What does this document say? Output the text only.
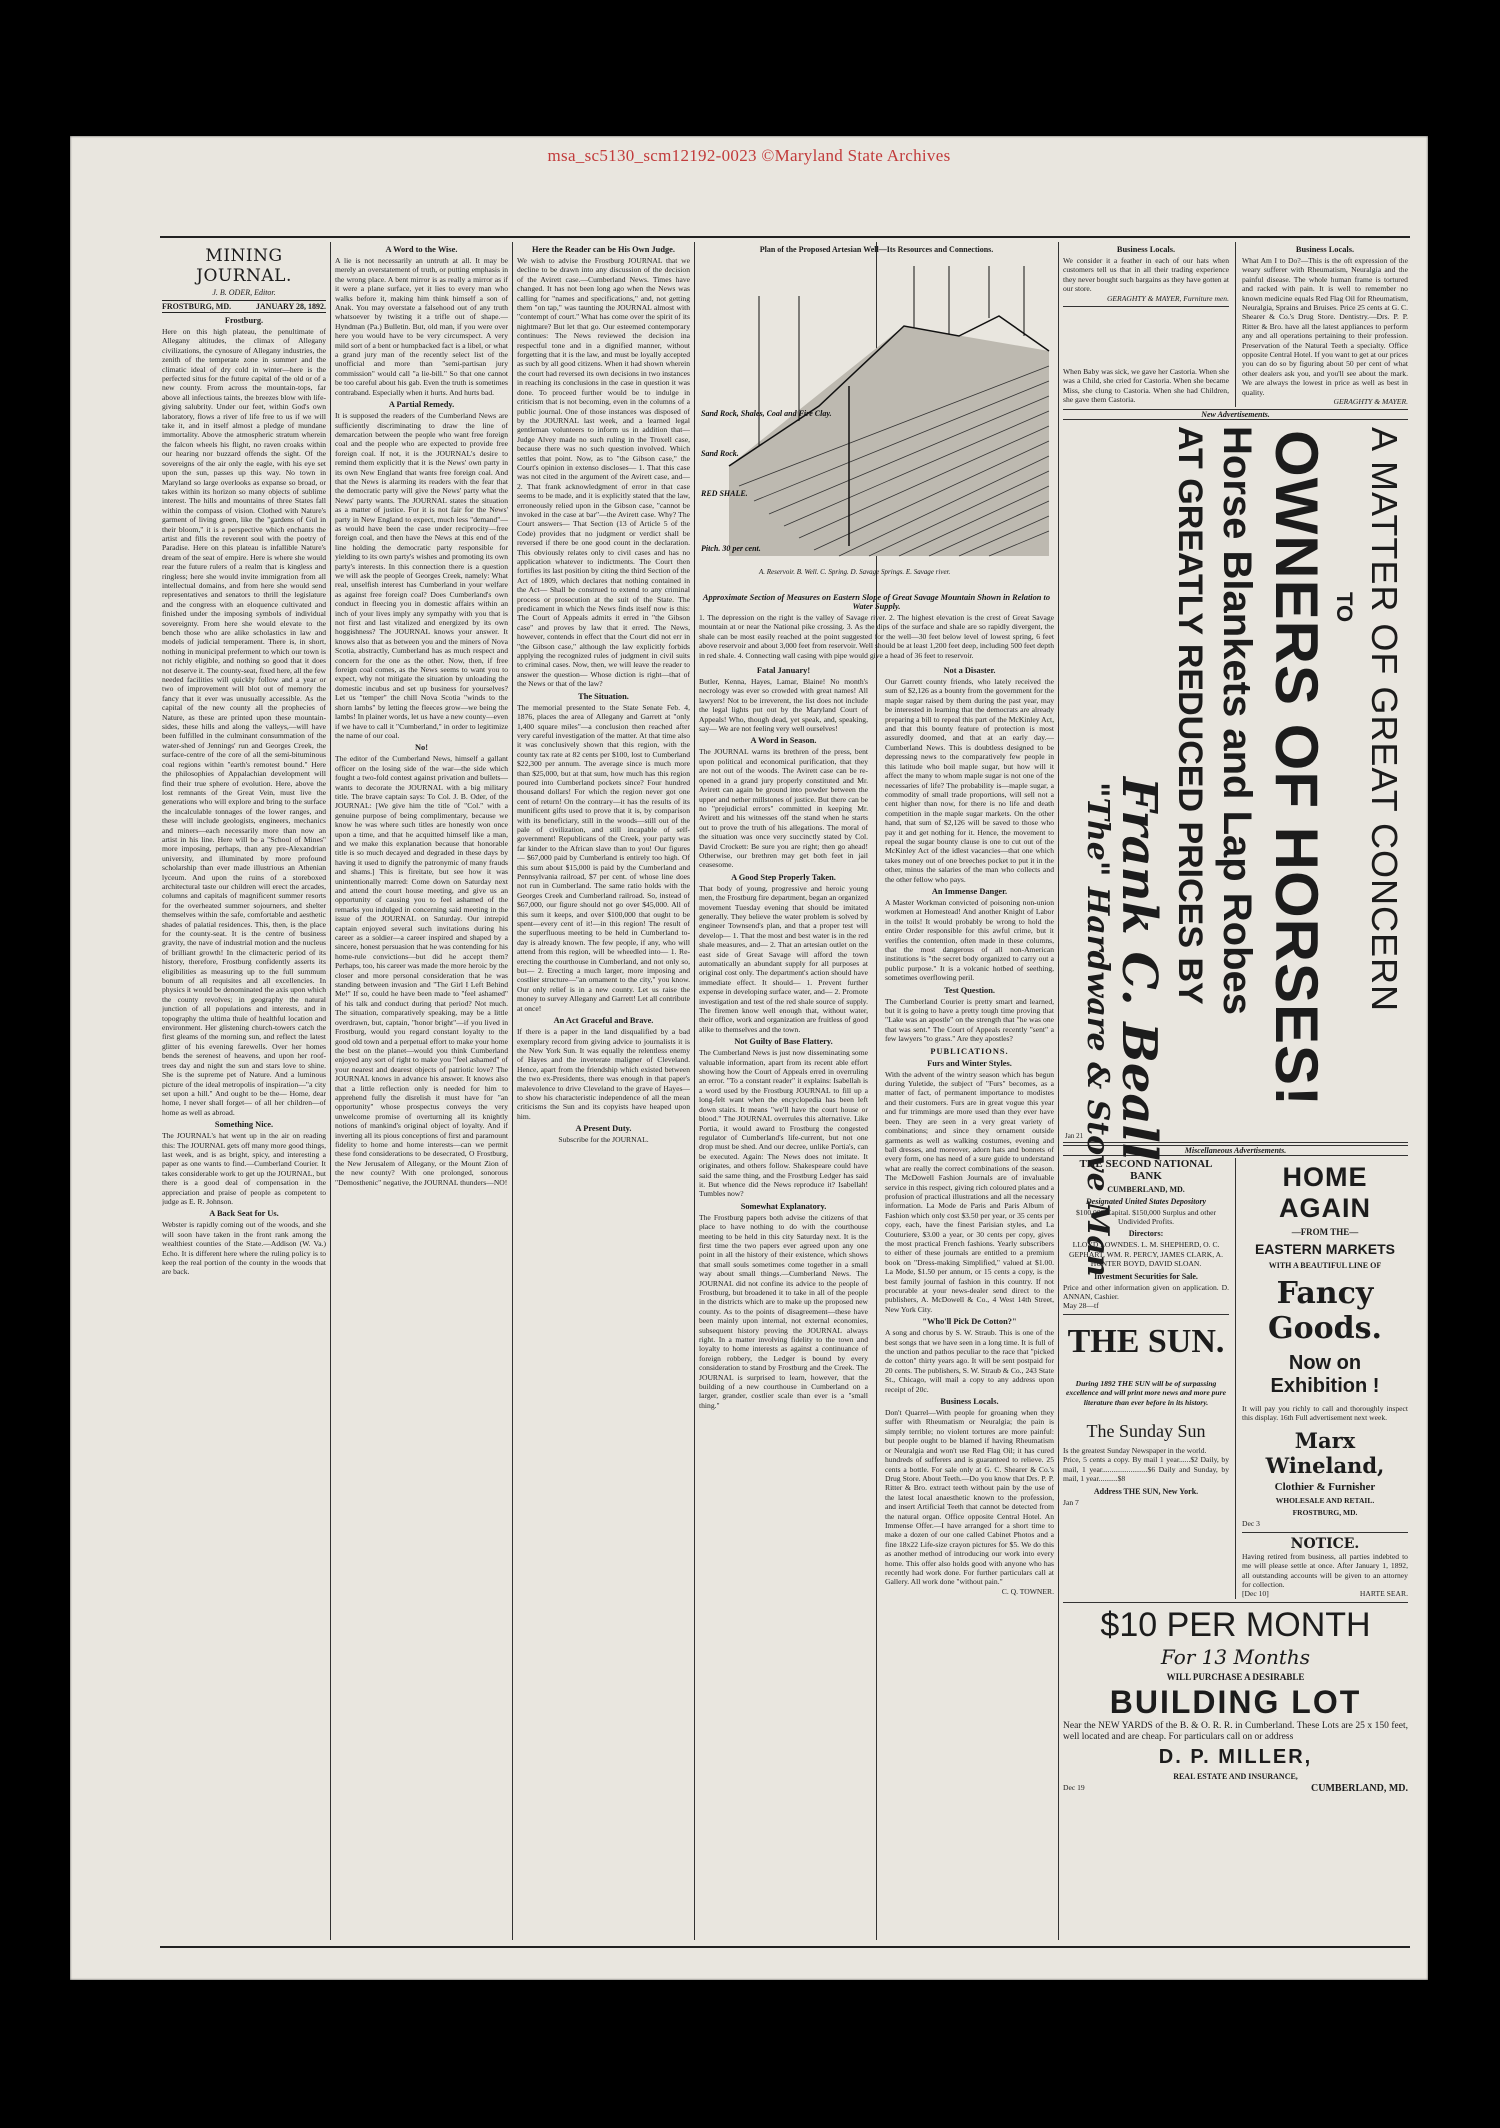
msa_sc5130_scm12192-0023 ©Maryland State Archives
MINING JOURNAL.

J. B. ODER, Editor.

FROSTBURG, MD.	JANUARY 28, 1892.
Frostburg.

Here on this high plateau, the penultimate of Allegany altitudes, the climax of Allegany civilizations, the cynosure of Allegany industries, the zenith of the temperate zone in summer and the climatic ideal of dry cold in winter—here is the perfected situs for the future capital of the old or of a new county. From across the mountain-tops, far above all infectious taints, the breezes blow with life-giving salubrity. Under our feet, within God's own laboratory, flows a river of life free to us if we will take it, and in itself almost a pledge of mundane immortality. Above the atmospheric stratum wherein the falcon wheels his flight, no raven croaks within our hearing nor buzzard offends the sight. Of the sovereigns of the air only the eagle, with his eye set upon the sun, passes up this way. No town in Maryland so large overlooks as expanse so broad, or takes within its horizon so many objects of sublime interest. The hills and mountains of three States fall within the compass of vision. Clothed with Nature's garment of living green, like the "gardens of Gul in their bloom," it is a perspective which enchants the artist and fills the reverent soul with the poetry of Paradise. Here on this plateau is infallible Nature's dream of the seat of empire. Here is where she would rear the future rulers of a realm that is kingless and ringless; here she would invite immigration from all intellectual domains, and from here she would send representatives and senators to thrill the legislature and the congress with an eloquence cultivated and finished under the imposing symbols of individual sovereignty. From here she would elevate to the bench those who are alike scholastics in law and models of judicial temperament. There is, in short, nothing in municipal preferment to which our town is not richly eligible, and nothing so good that it does not deserve it. The county-seat, fixed here, all the few needed facilities will quickly follow and a year or two of improvement will blot out of memory the fancy that it ever was unusually accessible. As the capital of the new county all the prophecies of Nature, as these are printed upon these mountain-sides, these hills and along the valleys,—will have been fulfilled in the culminant consummation of the water-shed of Jennings' run and Georges Creek, the surface-centre of the core of all the semi-bituminous coal regions within "earth's remotest bound." Here the philosophies of Appalachian development will find their true sphere of evolution. Here, above the lost remnants of the Great Vein, must live the generations who will explore and bring to the surface the incalculable tonnages of the lower ranges, and these will include geologists, engineers, mechanics and miners—each necessarily more than now an artist in his line. Here will be a "School of Mines" more imposing, perhaps, than any pre-Alexandrian university, and illuminated by more profound scholarship than ever made illustrious an Athenian lyceum. And upon the ruins of a storeboxed architectural taste our children will erect the arcades, columns and capitals of magnificent summer resorts for the overheated summer sojourners, and shelter themselves within the safe, comfortable and aesthetic shades of palatial residences. This, then, is the place for the county-seat. It is the centre of business gravity, the nave of industrial motion and the nucleus of brilliant growth! In the climacteric period of its history, therefore, Frostburg confidently asserts its eligibilities as measuring up to the full summum bonum of all requisites and all excellencies. In physics it would be denominated the axis upon which the county revolves; in geography the natural junction of all populations and interests, and in topography the ultima thule of healthful location and environment. Her glistening church-towers catch the first gleams of the morning sun, and reflect the latest glitter of his evening farewells. Over her homes bends the serenest of heavens, and upon her roof-trees day and night the sun and stars love to shine. She is the supreme pet of Nature. And a luminous picture of the ideal metropolis of inspiration—"a city set upon a hill." And ought to be the— Home, dear home, I never shall forget— of all her children—of home as well as abroad.

Something Nice.

The JOURNAL's hat went up in the air on reading this: The JOURNAL gets off many more good things, last week, and is as bright, spicy, and interesting a paper as one wants to find.—Cumberland Courier. It takes considerable work to get up the JOURNAL, but there is a good deal of compensation in the appreciation and praise of people as competent to judge as E. R. Johnson.

A Back Seat for Us.

Webster is rapidly coming out of the woods, and she will soon have taken in the front rank among the wealthiest counties of the State.—Addison (W. Va.) Echo. It is different here where the ruling policy is to keep the real portion of the county in the woods that are back.

A Word to the Wise.

A lie is not necessarily an untruth at all. It may be merely an overstatement of truth, or putting emphasis in the wrong place. A bent mirror is as really a mirror as if it were a plane surface, yet it lies to every man who walks before it, making him think himself a son of Anak. You may overstate a falsehood out of any truth whatsoever by twisting it a trifle out of shape.—Hyndman (Pa.) Bulletin. But, old man, if you were over here you would have to be very circumspect. A very mild sort of a bent or humpbacked fact is a libel, or what a grand jury man of the recently select list of the unofficial and more than "semi-partisan jury commission" would call "a lie-bill." So that one cannot be too careful about his gab. Even the truth is sometimes contraband. Especially when it hurts. And hurts bad.

A Partial Remedy.

It is supposed the readers of the Cumberland News are sufficiently discriminating to draw the line of demarcation between the people who want free foreign coal and the people who are expected to provide free foreign coal. If not, it is the JOURNAL's desire to remind them explicitly that it is the News' own party in its own New England that wants free foreign coal. And that the News is alarming its readers with the fear that the democratic party will give the News' party what the News' party wants. The JOURNAL states the situation as a matter of justice. For it is not fair for the News' party in New England to expect, much less "demand"—as would have been the case under reciprocity—free foreign coal, and then have the News at this end of the line holding the democratic party responsible for yielding to its own party's wishes and promoting its own party's interests. In this connection there is a question we will ask the people of Georges Creek, namely: What real, unselfish interest has Cumberland in your welfare as against free foreign coal? Does Cumberland's own conduct in fleecing you in domestic affairs within an inch of your lives imply any sympathy with you that is not first and last vitalized and energized by its own hoggishness? The JOURNAL knows your answer. It knows also that as between you and the miners of Nova Scotia, abstractly, Cumberland has as much respect and concern for the one as the other. Now, then, if free foreign coal comes, as the News seems to want you to expect, why not mitigate the situation by unloading the domestic incubus and set up business for yourselves? Let us "temper" the chill Nova Scotia "winds to the shorn lambs" by letting the fleeces grow—we being the lambs! In plainer words, let us have a new county—even if we have to call it "Cumberland," in order to legitimize the name of our coal.

No!

The editor of the Cumberland News, himself a gallant officer on the losing side of the war—the side which fought a two-fold contest against privation and bullets—wants to decorate the JOURNAL with a big military title. The brave captain says: To Col. J. B. Oder, of the JOURNAL: [We give him the title of "Col." with a genuine purpose of being complimentary, because we know he was where such titles are honestly won once upon a time, and that he acquitted himself like a man, and we make this explanation because that honorable title is so much decayed and degraded in these days by having it used to dignify the patronymic of many frauds and shams.] This is fireitate, but see how it was unintentionally marred: Come down on Saturday next and attend the court house meeting, and give us an opportunity of causing you to feel ashamed of the remarks you indulged in concerning said meeting in the issue of the JOURNAL on Saturday. Our intrepid captain enjoyed several such invitations during his career as a soldier—a career inspired and shaped by a sincere, honest persuasion that he was contending for his home-rule convictions—but did he accept them? Perhaps, too, his career was made the more heroic by the closer and more personal consideration that he was standing between invasion and "The Girl I Left Behind Me!" If so, could he have been made to "feel ashamed" of his talk and conduct during that period? Not much. The situation, comparatively speaking, may be a little overdrawn, but, captain, "honor bright"—if you lived in Frostburg, would you regard constant loyalty to the good old town and a perpetual effort to make your home the best on the planet—would you think Cumberland enjoyed any sort of right to make you "feel ashamed" of your nearest and dearest objects of patriotic love? The JOURNAL knows in advance his answer. It knows also that a little reflection only is needed for him to apprehend fully the disrelish it must have for "an opportunity" whose prospectus conveys the very unwelcome promise of overturning all its knightly notions of mankind's original object of loyalty. And if inverting all its pious conceptions of first and paramount fidelity to home and home interests—can we permit these fond considerations to be desecrated, O Frostburg, the New Jerusalem of Allegany, or the Mount Zion of the new county? With one prolonged, sonorous "Demosthenic" negative, the JOURNAL thunders—NO!

Here the Reader can be His Own Judge.

We wish to advise the Frostburg JOURNAL that we decline to be drawn into any discussion of the decision of the Avirett case.—Cumberland News. Times have changed. It has not been long ago when the News was calling for "names and specifications," and, not getting them "on tap," was taunting the JOURNAL almost with "contempt of court." What has come over the spirit of its nightmare? But let that go. Our esteemed contemporary continues: The News reviewed the decision ina respectful tone and in a dignified manner, without forgetting that it is the law, and must be loyally accepted as such by all good citizens. When it had shown wherein the court had reversed its own decisions in two instances in reaching its conclusions in the case in question it was done. To proceed further would be to indulge in criticism that is not becoming, even in the columns of a public journal. One of those instances was disposed of by the JOURNAL last week, and a learned legal gentleman volunteers to inform us in addition that— Judge Alvey made no such ruling in the Troxell case, because there was no such question involved. Which settles that point. Now, as to "the Gibson case," the Court's opinion in extenso discloses— 1. That this case was not cited in the argument of the Avirett case, and— 2. That frank acknowledgment of error in that case seems to be made, and it is explicitly stated that the law, erroneously relied upon in the Gibson case, "cannot be invoked in the case at bar"—the Avirett case. Why? The Court answers— That Section (13 of Article 5 of the Code) provides that no judgment or verdict shall be reversed if there be one good count in the declaration. This obviously relates only to civil cases and has no application whatever to indictments. The Court then fortifies its last position by citing the third Section of the Act of 1809, which declares that nothing contained in the Act— Shall be construed to extend to any criminal process or prosecution at the suit of the State. The predicament in which the News finds itself now is this: The Court of Appeals admits it erred in "the Gibson case" and proves by law that it erred. The News, however, contends in effect that the Court did not err in "the Gibson case," although the law explicitly forbids applying the recognized rules of judgment in civil suits to criminal cases. Now, then, we will leave the reader to answer the question— Whose diction is right—that of the News or that of the law?

The Situation.

The memorial presented to the State Senate Feb. 4, 1876, places the area of Allegany and Garrett at "only 1,400 square miles"—a conclusion then reached after very careful investigation of the matter. At that time also it was conclusively shown that this region, with the county tax rate at 82 cents per $100, lost to Cumberland $22,300 per annum. The average since is much more than $25,000, but at that sum, how much has this region poured into Cumberland pockets since? Four hundred thousand dollars! For which the region never got one cent of return! On the contrary—it has the results of its munificent gifts used to prove that it is, by comparison with its beneficiary, still in the woods—still out of the pale of civilization, and still incapable of self-government! Republicans of the Creek, your party was far kinder to the African slave than to you! Our figures — $67,000 paid by Cumberland is entirely too high. Of this sum about $15,000 is paid by the Cumberland and Pennsylvania railroad, $7 per cent. of whose line does not run in Cumberland. The same ratio holds with the Georges Creek and Cumberland railroad. So, instead of $67,000, our figure should not go over $45,000. All of this sum it keeps, and over $100,000 that ought to be spent—every cent of it!—in this region! The result of the superfluous meeting to be held in Cumberland to-day is already known. The few people, if any, who will attend from this region, will be wheedled into— 1. Re-erecting the courthouse in Cumberland, and not only so, but— 2. Erecting a much larger, more imposing and costlier structure—"an ornament to the city," you know. Our only relief is in a new county. Let us raise the money to survey Allegany and Garrett! Let all contribute at once!

An Act Graceful and Brave.

If there is a paper in the land disqualified by a bad exemplary record from giving advice to journalists it is the New York Sun. It was equally the relentless enemy of Hayes and the inveterate maligner of Cleveland. Hence, apart from the friendship which existed between the two ex-Presidents, there was enough in that paper's malevolence to drive Cleveland to the grave of Hayes—to show his characteristic independence of all the mean criticisms the Sun and its copyists have heaped upon him.

A Present Duty.

Subscribe for the JOURNAL.

Plan of the Proposed Artesian Well—Its Resources and Connections.
Sand Rock, Shales, Coal and Fire Clay.
Sand Rock.
RED SHALE.
Pitch. 30 per cent.
A. Reservoir. B. Well. C. Spring. D. Savage Springs. E. Savage river.
Approximate Section of Measures on Eastern Slope of Great Savage Mountain Shown in Relation to Water Supply.

1. The depression on the right is the valley of Savage river. 2. The highest elevation is the crest of Great Savage mountain at or near the National pike crossing. 3. As the dips of the surface and shale are so rapidly divergent, the shale can be most easily reached at the point suggested for the well—30 feet below level of lowest spring, 6 feet above reservoir and about 3,000 feet from reservoir. Well should be at least 1,200 feet deep, including 500 feet depth in red shale. 4. Connecting wall casing with pipe would give a head of 36 feet to reservoir.

Fatal January!

Butler, Kenna, Hayes, Lamar, Blaine! No month's necrology was ever so crowded with great names! All lawyers! Not to be irreverent, the list does not include the legal lights put out by the Maryland Court of Appeals! Who, though dead, yet speak, and, speaking, say— We are not feeling very well ourselves!

A Word in Season.

The JOURNAL warns its brethren of the press, bent upon political and economical purification, that they are not out of the woods. The Avirett case can be re-opened in a grand jury properly constituted and Mr. Avirett can again be ground into powder between the upper and nether millstones of justice. But there can be no "prejudicial errors" committed in keeping Mr. Avirett and his witnesses off the stand when he starts out to prove the truth of his allegations. The moral of the situation was once very succinctly stated by Col. David Crockett: Be sure you are right; then go ahead! Otherwise, our brethren may get both feet in jail ceasesome.

A Good Step Properly Taken.

That body of young, progressive and heroic young men, the Frostburg fire department, began an organized movement Tuesday evening that should be imitated generally. They believe the water problem is solved by engineer Townsend's plan, and that a proper test will develop— 1. That the most and best water is in the red shale measures, and— 2. That an artesian outlet on the east side of Great Savage will afford the town automatically an abundant supply for all purposes at original cost only. The department's action should have immediate effect. It should— 1. Prevent further expense in developing surface water, and— 2. Promote investigation and test of the red shale source of supply. The firemen know well enough that, without water, their office, work and organization are fruitless of good alike to themselves and the town.

Not Guilty of Base Flattery.

The Cumberland News is just now disseminating some valuable information, apart from its recent able effort showing how the Court of Appeals erred in overruling an error. "To a constant reader" it explains: Isabellah is a word used by the Frostburg JOURNAL to fill up a long-felt want when the encyclopedia has been left down stairs. It means "we'll have the court house or blood." The JOURNAL overrules this alternative. Like Portia, it would award to Frostburg the congested regulator of Cumberland's life-current, but not one drop must be shed. And our decree, unlike Portia's, can be executed. Again: The News does not imitate. It originates, and others follow. Shakespeare could have said the same thing, and the Frostburg Ledger has said it. But whence did the News reproduce it? Isabellah! Tumbles now?

Somewhat Explanatory.

The Frostburg papers both advise the citizens of that place to have nothing to do with the courthouse meeting to be held in this city Saturday next. It is the first time the two papers ever agreed upon any one point in all the history of their existence, which shows that small souls sometimes come together in a small way about small things.—Cumberland News. The JOURNAL did not confine its advice to the people of Frostburg, but broadened it to take in all of the people in the districts which are to make up the proposed new county. As to the points of disagreement—these have been mainly upon internal, not external economies, subsequent history proving the JOURNAL always right. In a matter involving fidelity to the town and loyalty to home interests as against a continuance of foreign robbery, the Ledger is bound by every consideration to stand by Frostburg and the Creek. The JOURNAL is surprised to learn, however, that the building of a new courthouse in Cumberland on a larger, grander, costlier scale than ever is a "small thing."

Not a Disaster.

Our Garrett county friends, who lately received the sum of $2,126 as a bounty from the government for the maple sugar raised by them during the past year, may be interested in learning that the democrats are already preparing a bill to repeal this part of the McKinley Act, and that this bounty feature of protection is most assuredly doomed, and that at an early day.—Cumberland News. This is doubtless designed to be depressing news to the comparatively few people in this latitude who boil maple sugar, but how will it affect the many to whom maple sugar is not one of the necessaries of life? The probability is—maple sugar, a commodity of small trade proportions, will sell not a cent higher than now, for there is no life and death competition in the maple sugar markets. On the other hand, that sum of $2,126 will be saved to those who pay it and get nothing for it. Hence, the movement to repeal the sugar bounty clause is one to cut out of the McKinley Act of the idlest vacancies—that one which takes money out of one breeches pocket to put it in the other, minus the salaries of the man who collects and the other fellow who pays.

An Immense Danger.

A Master Workman convicted of poisoning non-union workmen at Homestead! And another Knight of Labor in the toils! It would probably be wrong to hold the entire Order responsible for this awful crime, but it verifies the contention, often made in these columns, that the most dangerous of all non-American institutions is "the secret body organized to carry out a public purpose." It is a volcanic hotbed of seething, sometimes overflowing peril.

Test Question.

The Cumberland Courier is pretty smart and learned, but it is going to have a pretty tough time proving that "Lake was an apostle" on the strength that "he was one that was sent." The Court of Appeals recently "sent" a few lawyers "to grass." Are they apostles?

PUBLICATIONS.
Furs and Winter Styles.

With the advent of the wintry season which has begun during Yuletide, the subject of "Furs" becomes, as a matter of fact, of permanent importance to modistes and their customers. Furs are in great vogue this year and fur trimmings are more used than they ever have been. They are seen in a very great variety of combinations; and since they ornament outside garments as well as walking costumes, evening and ball dresses, and moreover, adorn hats and bonnets of every form, one has need of a sure guide to understand what are really the correct combinations of the season. The McDowell Fashion Journals are of invaluable service in this respect, giving rich coloured plates and a profusion of practical illustrations and all the necessary information. La Mode de Paris and Paris Album of Fashion which only cost $3.50 per year, or 35 cents per copy, each, have the finest Parisian styles, and La Couturiere, $3.00 a year, or 30 cents per copy, gives the most practical French fashions. Yearly subscribers to either of these journals are entitled to a premium book on "Dress-making Simplified," valued at $1.00. La Mode, $1.50 per annum, or 15 cents a copy, is the best family journal of fashion in this country. If not procurable at your news-dealer send direct to the publishers, A. McDowell & Co., 4 West 14th Street, New York City.

"Who'll Pick De Cotton?"

A song and chorus by S. W. Straub. This is one of the best songs that we have seen in a long time. It is full of the unction and pathos peculiar to the race that "picked de cotton" thirty years ago. It will be sent postpaid for 20 cents. The publishers, S. W. Straub & Co., 243 State St., Chicago, will mail a copy to any address upon receipt of 20c.

Business Locals.

Don't Quarrel—With people for groaning when they suffer with Rheumatism or Neuralgia; the pain is simply terrible; no violent tortures are more painful: but people ought to be blamed if having Rheumatism or Neuralgia and won't use Red Flag Oil; it has cured hundreds of sufferers and is guaranteed to relieve. 25 cents a bottle. For sale only at G. C. Shearer & Co.'s Drug Store. About Teeth.—Do you know that Drs. P. P. Ritter & Bro. extract teeth without pain by the use of the latest local anaesthetic known to the profession, and insert Artificial Teeth that cannot be detected from the natural organ. Office opposite Central Hotel. An Immense Offer.—I have arranged for a short time to make a dozen of our one called Cabinet Photos and a fine 18x22 Life-size crayon pictures for $5. We do this as another method of introducing our work into every home. This offer also holds good with anyone who has recently had work done. For further particulars call at Gallery. All work done "without pain."

C. Q. TOWNER.

Business Locals.

We consider it a feather in each of our hats when customers tell us that in all their trading experience they never bought such bargains as they have gotten at our store.

GERAGHTY & MAYER, Furniture men.

When Baby was sick, we gave her Castoria. When she was a Child, she cried for Castoria. When she became Miss, she clung to Castoria. When she had Children, she gave them Castoria.

Business Locals.

What Am I to Do?—This is the oft expression of the weary sufferer with Rheumatism, Neuralgia and the painful disease. The whole human frame is tortured and racked with pain. It is well to remember no known medicine equals Red Flag Oil for Rheumatism, Neuralgia, Sprains and Bruises. Price 25 cents at G. C. Shearer & Co.'s Drug Store. Dentistry.—Drs. P. P. Ritter & Bro. have all the latest appliances to perform any and all operations pertaining to their profession. Preservation of the Natural Teeth a specialty. Office opposite Central Hotel. If you want to get at our prices you can do so by figuring about 50 per cent of what other dealers ask you, and you'll see about the mark. We are always the lowest in price as well as best in quality.

GERAGHTY & MAYER.

New Advertisements.
A MATTER OF GREAT CONCERN
TO
OWNERS OF HORSES!
Horse Blankets and Lap Robes
AT GREATLY REDUCED PRICES BY
Frank C. Beall
"The" Hardware & Stove Man
Jan 21
Miscellaneous Advertisements.
THE SECOND NATIONAL BANK
CUMBERLAND, MD.
Designated United States Depository

$100,000 Capital. $150,000 Surplus and other Undivided Profits.

Directors:

LLOYD LOWNDES. L. M. SHEPHERD, O. C. GEPHART, WM. R. PERCY, JAMES CLARK, A. HUNTER BOYD, DAVID SLOAN.

Investment Securities for Sale.

Price and other information given on application. D. ANNAN, Cashier.

May 28—tf

THE SUN.

During 1892 THE SUN will be of surpassing excellence and will print more news and more pure literature than ever before in its history.

The Sunday Sun

Is the greatest Sunday Newspaper in the world.

Price, 5 cents a copy. By mail 1 year......$2 Daily, by mail, 1 year........................$6 Daily and Sunday, by mail, 1 year..........$8

Address THE SUN, New York.

Jan 7

HOME AGAIN
—FROM THE—
EASTERN MARKETS
WITH A BEAUTIFUL LINE OF
Fancy Goods.
Now on Exhibition !

It will pay you richly to call and thoroughly inspect this display. 16th Full advertisement next week.

Marx Wineland,
Clothier & Furnisher
WHOLESALE AND RETAIL.
FROSTBURG, MD.

Dec 3

NOTICE.

Having retired from business, all parties indebted to me will please settle at once. After January 1, 1892, all outstanding accounts will be given to an attorney for collection.

[Dec 10]	HARTE SEAR.
$10 PER MONTH
For 13 Months
WILL PURCHASE A DESIRABLE
BUILDING LOT

Near the NEW YARDS of the B. & O. R. R. in Cumberland. These Lots are 25 x 150 feet, well located and are cheap. For particulars call on or address

D. P. MILLER,
REAL ESTATE AND INSURANCE,
Dec 19	CUMBERLAND, MD.
